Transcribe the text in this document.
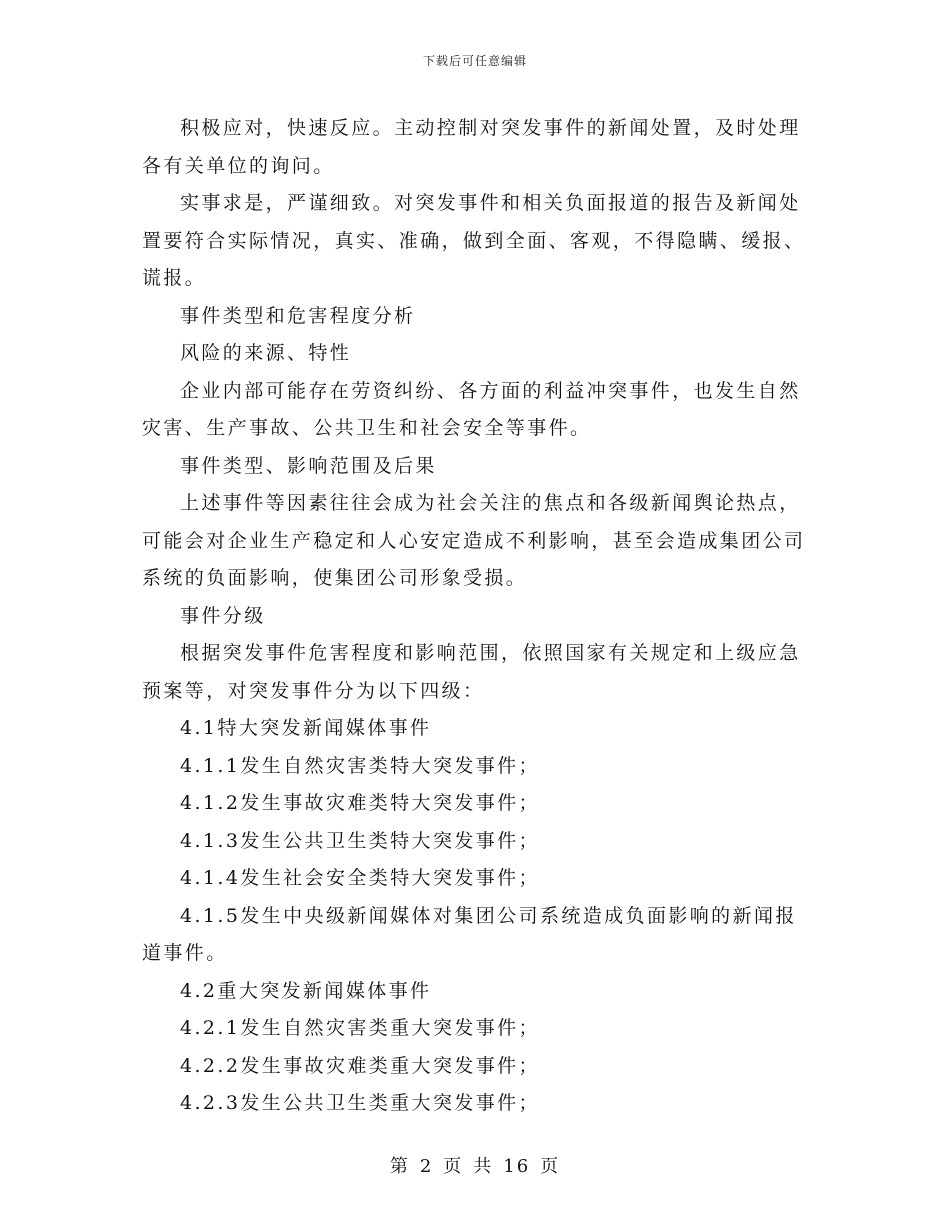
下载后可任意编辑

积极应对，快速反应。主动控制对突发事件的新闻处置，及时处理各有关单位的询问。

实事求是，严谨细致。对突发事件和相关负面报道的报告及新闻处置要符合实际情况，真实、准确，做到全面、客观，不得隐瞒、缓报、谎报。

事件类型和危害程度分析

风险的来源、特性

企业内部可能存在劳资纠纷、各方面的利益冲突事件，也发生自然灾害、生产事故、公共卫生和社会安全等事件。

事件类型、影响范围及后果

上述事件等因素往往会成为社会关注的焦点和各级新闻舆论热点，可能会对企业生产稳定和人心安定造成不利影响，甚至会造成集团公司系统的负面影响，使集团公司形象受损。

事件分级

根据突发事件危害程度和影响范围，依照国家有关规定和上级应急预案等，对突发事件分为以下四级：

4.1特大突发新闻媒体事件

4.1.1发生自然灾害类特大突发事件；

4.1.2发生事故灾难类特大突发事件；

4.1.3发生公共卫生类特大突发事件；

4.1.4发生社会安全类特大突发事件；

4.1.5发生中央级新闻媒体对集团公司系统造成负面影响的新闻报道事件。

4.2重大突发新闻媒体事件

4.2.1发生自然灾害类重大突发事件；

4.2.2发生事故灾难类重大突发事件；

4.2.3发生公共卫生类重大突发事件；

第 2 页 共 16 页
